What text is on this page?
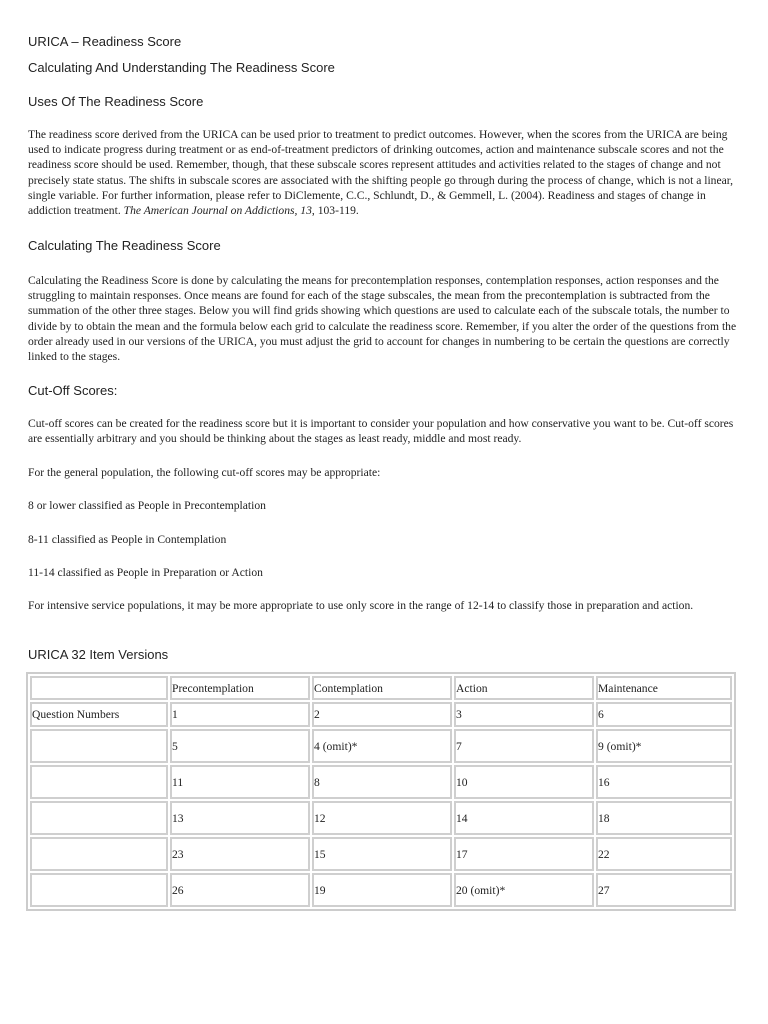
URICA – Readiness Score
Calculating And Understanding The Readiness Score
Uses Of The Readiness Score
The readiness score derived from the URICA can be used prior to treatment to predict outcomes. However, when the scores from the URICA are being used to indicate progress during treatment or as end-of-treatment predictors of drinking outcomes, action and maintenance subscale scores and not the readiness score should be used. Remember, though, that these subscale scores represent attitudes and activities related to the stages of change and not precisely state status. The shifts in subscale scores are associated with the shifting people go through during the process of change, which is not a linear, single variable. For further information, please refer to DiClemente, C.C., Schlundt, D., & Gemmell, L. (2004). Readiness and stages of change in addiction treatment. The American Journal on Addictions, 13, 103-119.
Calculating The Readiness Score
Calculating the Readiness Score is done by calculating the means for precontemplation responses, contemplation responses, action responses and the struggling to maintain responses. Once means are found for each of the stage subscales, the mean from the precontemplation is subtracted from the summation of the other three stages. Below you will find grids showing which questions are used to calculate each of the subscale totals, the number to divide by to obtain the mean and the formula below each grid to calculate the readiness score. Remember, if you alter the order of the questions from the order already used in our versions of the URICA, you must adjust the grid to account for changes in numbering to be certain the questions are correctly linked to the stages.
Cut-Off Scores:
Cut-off scores can be created for the readiness score but it is important to consider your population and how conservative you want to be. Cut-off scores are essentially arbitrary and you should be thinking about the stages as least ready, middle and most ready.
For the general population, the following cut-off scores may be appropriate:
8 or lower classified as People in Precontemplation
8-11 classified as People in Contemplation
11-14 classified as People in Preparation or Action
For intensive service populations, it may be more appropriate to use only score in the range of 12-14 to classify those in preparation and action.
URICA 32 Item Versions
	Precontemplation	Contemplation	Action	Maintenance
Question Numbers	1	2	3	6
	5	4 (omit)*	7	9 (omit)*
	11	8	10	16
	13	12	14	18
	23	15	17	22
	26	19	20 (omit)*	27
